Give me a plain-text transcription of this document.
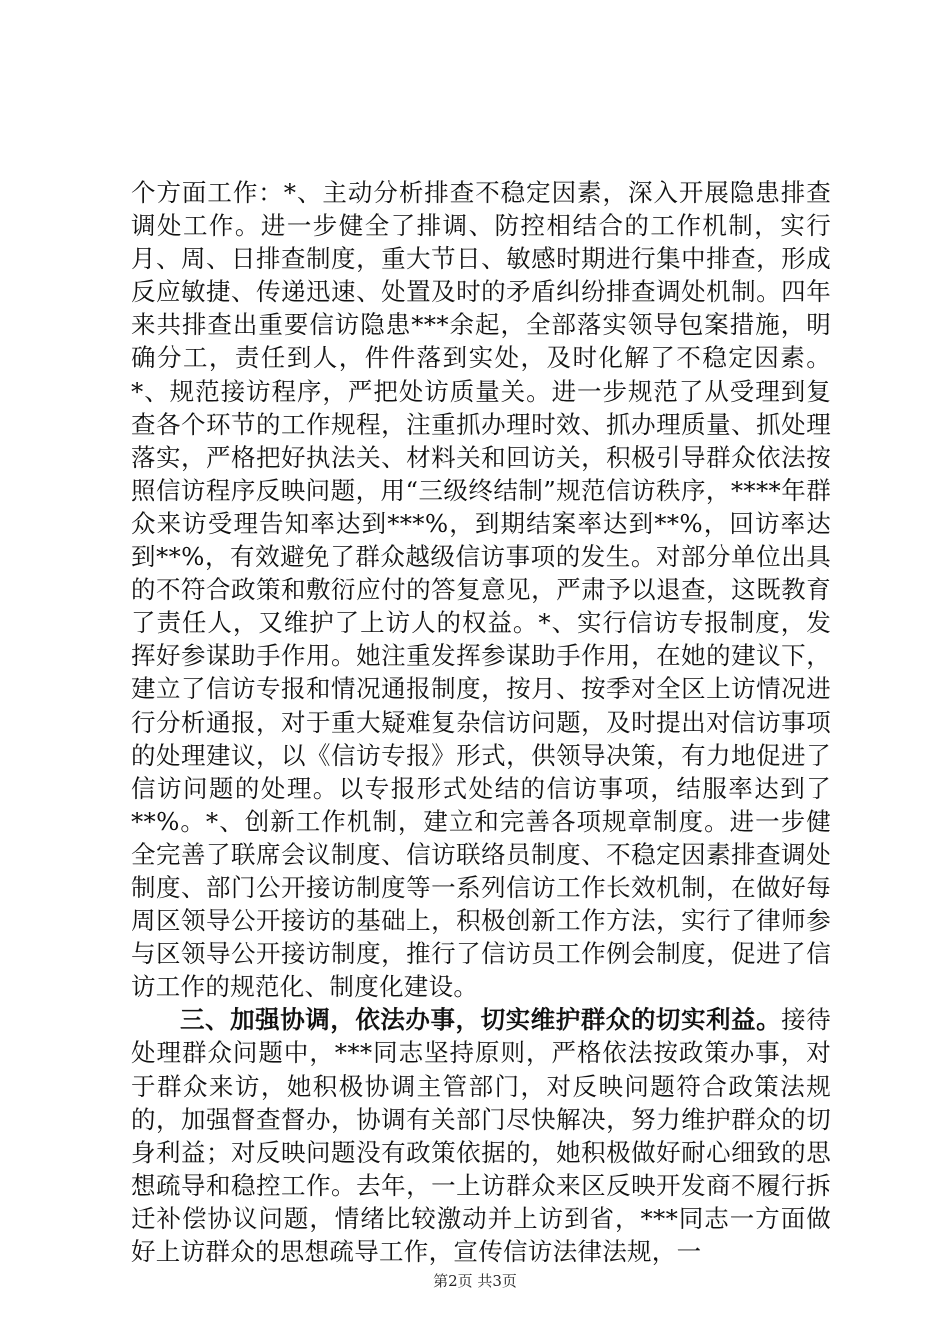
个方面工作：*、主动分析排查不稳定因素，深入开展隐患排查调处工作。进一步健全了排调、防控相结合的工作机制，实行月、周、日排查制度，重大节日、敏感时期进行集中排查，形成反应敏捷、传递迅速、处置及时的矛盾纠纷排查调处机制。四年来共排查出重要信访隐患***余起，全部落实领导包案措施，明确分工，责任到人，件件落到实处，及时化解了不稳定因素。*、规范接访程序，严把处访质量关。进一步规范了从受理到复查各个环节的工作规程，注重抓办理时效、抓办理质量、抓处理落实，严格把好执法关、材料关和回访关，积极引导群众依法按照信访程序反映问题，用“三级终结制”规范信访秩序，****年群众来访受理告知率达到***%，到期结案率达到**%，回访率达到**%，有效避免了群众越级信访事项的发生。对部分单位出具的不符合政策和敷衍应付的答复意见，严肃予以退查，这既教育了责任人，又维护了上访人的权益。*、实行信访专报制度，发挥好参谋助手作用。她注重发挥参谋助手作用，在她的建议下，建立了信访专报和情况通报制度，按月、按季对全区上访情况进行分析通报，对于重大疑难复杂信访问题，及时提出对信访事项的处理建议，以《信访专报》形式，供领导决策，有力地促进了信访问题的处理。以专报形式处结的信访事项，结服率达到了**%。*、创新工作机制，建立和完善各项规章制度。进一步健全完善了联席会议制度、信访联络员制度、不稳定因素排查调处制度、部门公开接访制度等一系列信访工作长效机制，在做好每周区领导公开接访的基础上，积极创新工作方法，实行了律师参与区领导公开接访制度，推行了信访员工作例会制度，促进了信访工作的规范化、制度化建设。

三、加强协调，依法办事，切实维护群众的切实利益。接待处理群众问题中，***同志坚持原则，严格依法按政策办事，对于群众来访，她积极协调主管部门，对反映问题符合政策法规的，加强督查督办，协调有关部门尽快解决，努力维护群众的切身利益；对反映问题没有政策依据的，她积极做好耐心细致的思想疏导和稳控工作。去年，一上访群众来区反映开发商不履行拆迁补偿协议问题，情绪比较激动并上访到省，***同志一方面做好上访群众的思想疏导工作，宣传信访法律法规，一

第2页 共3页
